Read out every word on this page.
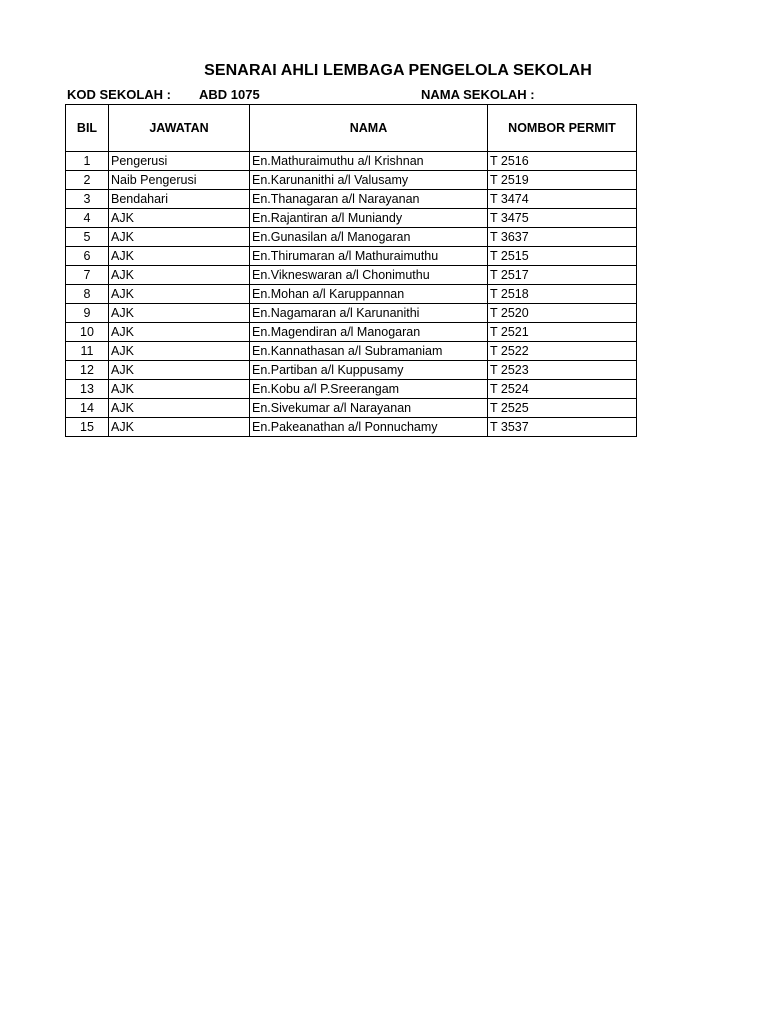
SENARAI AHLI LEMBAGA PENGELOLA SEKOLAH
KOD SEKOLAH : ABD 1075	NAMA SEKOLAH :
BIL	JAWATAN	NAMA	NOMBOR PERMIT
1	Pengerusi	En.Mathuraimuthu a/l Krishnan	T 2516
2	Naib Pengerusi	En.Karunanithi a/l Valusamy	T 2519
3	Bendahari	En.Thanagaran a/l Narayanan	T 3474
4	AJK	En.Rajantiran a/l Muniandy	T 3475
5	AJK	En.Gunasilan a/l Manogaran	T 3637
6	AJK	En.Thirumaran a/l Mathuraimuthu	T 2515
7	AJK	En.Vikneswaran a/l Chonimuthu	T 2517
8	AJK	En.Mohan a/l Karuppannan	T 2518
9	AJK	En.Nagamaran a/l Karunanithi	T 2520
10	AJK	En.Magendiran a/l Manogaran	T 2521
11	AJK	En.Kannathasan a/l Subramaniam	T 2522
12	AJK	En.Partiban a/l Kuppusamy	T 2523
13	AJK	En.Kobu a/l P.Sreerangam	T 2524
14	AJK	En.Sivekumar a/l Narayanan	T 2525
15	AJK	En.Pakeanathan a/l Ponnuchamy	T 3537
